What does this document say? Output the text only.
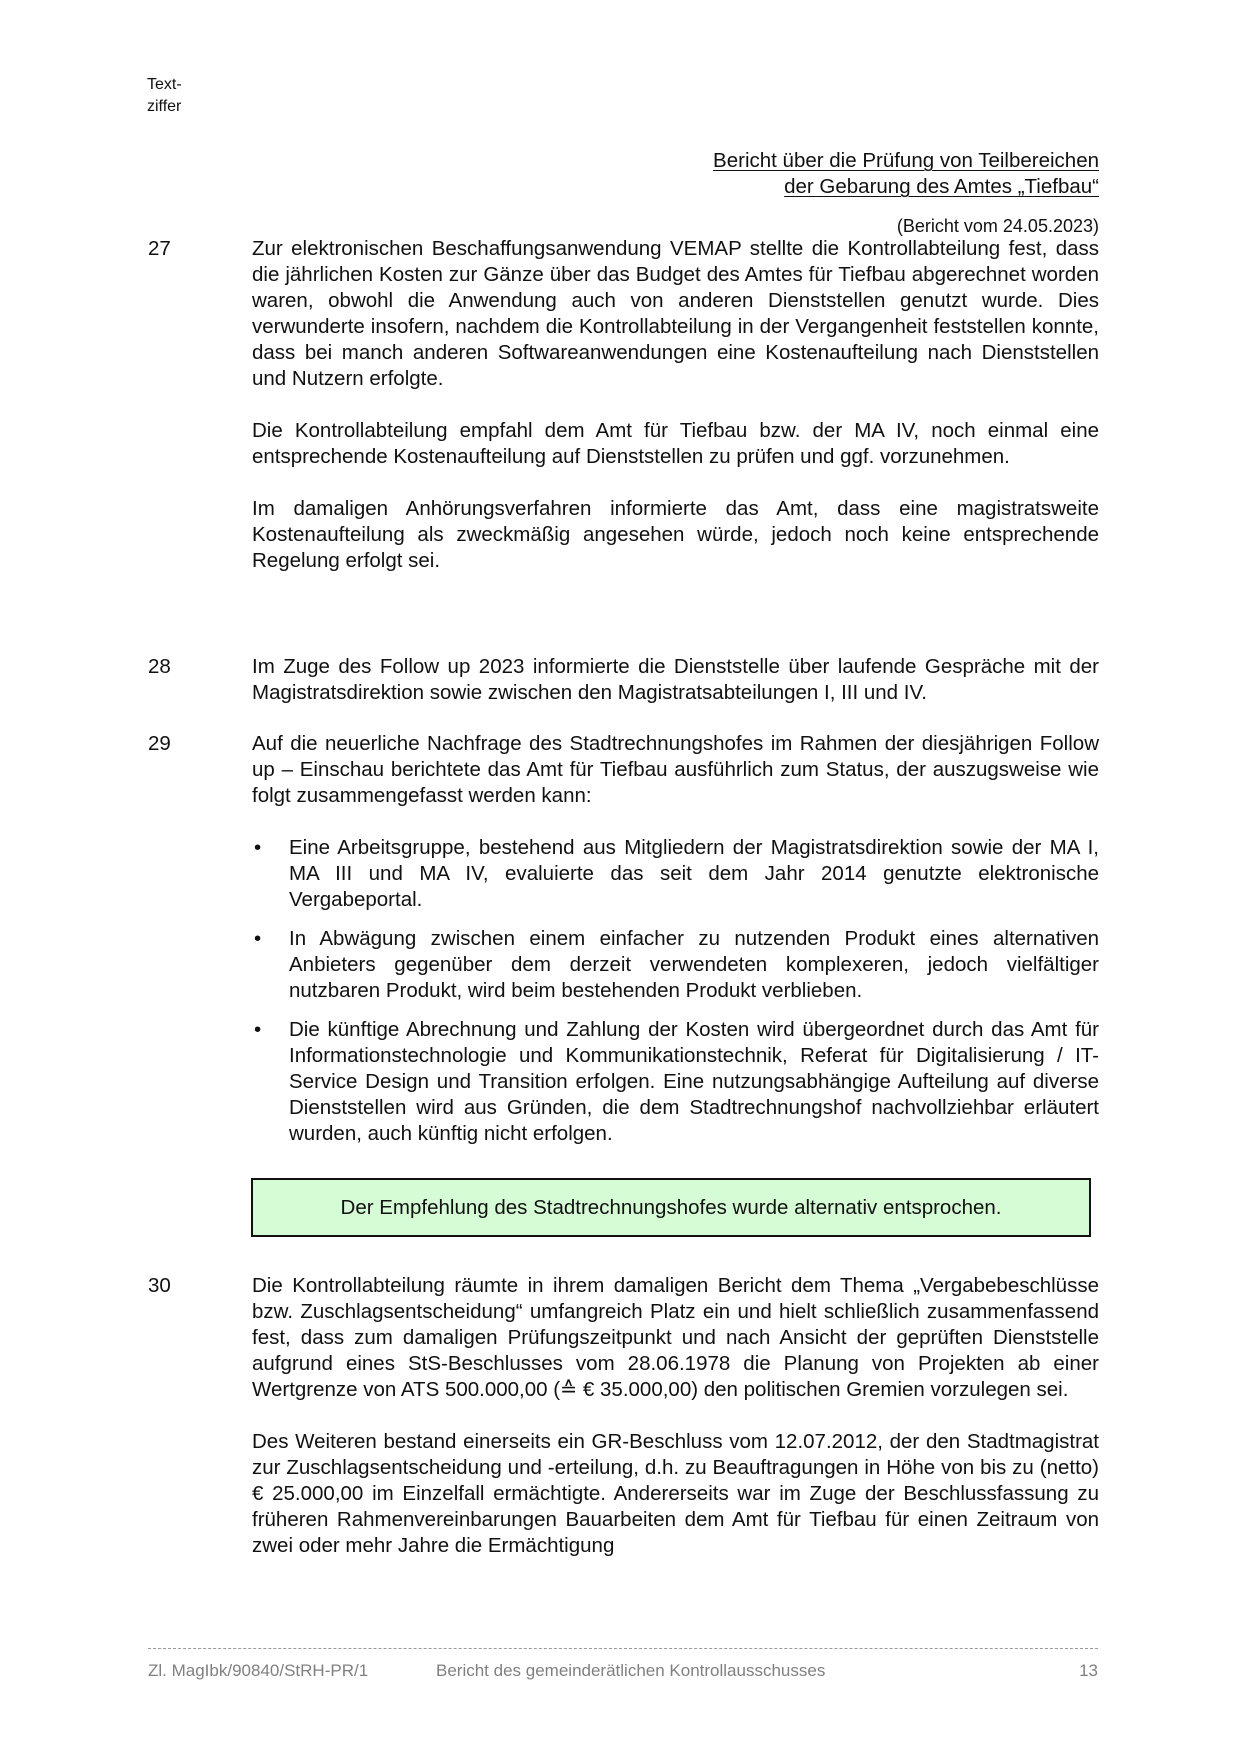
Text-
ziffer
Bericht über die Prüfung von Teilbereichen
der Gebarung des Amtes „Tiefbau“
(Bericht vom 24.05.2023)
27	Zur elektronischen Beschaffungsanwendung VEMAP stellte die Kontrollabteilung fest, dass die jährlichen Kosten zur Gänze über das Budget des Amtes für Tiefbau abgerechnet worden waren, obwohl die Anwendung auch von anderen Dienststellen genutzt wurde. Dies verwunderte insofern, nachdem die Kontrollabteilung in der Vergangenheit feststellen konnte, dass bei manch anderen Softwareanwendungen eine Kostenaufteilung nach Dienststellen und Nutzern erfolgte.

Die Kontrollabteilung empfahl dem Amt für Tiefbau bzw. der MA IV, noch einmal eine entsprechende Kostenaufteilung auf Dienststellen zu prüfen und ggf. vorzunehmen.

Im damaligen Anhörungsverfahren informierte das Amt, dass eine magistratsweite Kostenaufteilung als zweckmäßig angesehen würde, jedoch noch keine entsprechende Regelung erfolgt sei.

28	Im Zuge des Follow up 2023 informierte die Dienststelle über laufende Gespräche mit der Magistratsdirektion sowie zwischen den Magistratsabteilungen I, III und IV.

29	Auf die neuerliche Nachfrage des Stadtrechnungshofes im Rahmen der diesjährigen Follow up – Einschau berichtete das Amt für Tiefbau ausführlich zum Status, der auszugsweise wie folgt zusammengefasst werden kann:

• Eine Arbeitsgruppe, bestehend aus Mitgliedern der Magistratsdirektion sowie der MA I, MA III und MA IV, evaluierte das seit dem Jahr 2014 genutzte elektronische Vergabeportal.
• In Abwägung zwischen einem einfacher zu nutzenden Produkt eines alternativen Anbieters gegenüber dem derzeit verwendeten komplexeren, jedoch vielfältiger nutzbaren Produkt, wird beim bestehenden Produkt verblieben.
• Die künftige Abrechnung und Zahlung der Kosten wird übergeordnet durch das Amt für Informationstechnologie und Kommunikationstechnik, Referat für Digitalisierung / IT-Service Design und Transition erfolgen. Eine nutzungsabhängige Aufteilung auf diverse Dienststellen wird aus Gründen, die dem Stadtrechnungshof nachvollziehbar erläutert wurden, auch künftig nicht erfolgen.
Der Empfehlung des Stadtrechnungshofes wurde alternativ entsprochen.
30	Die Kontrollabteilung räumte in ihrem damaligen Bericht dem Thema „Vergabebeschlüsse bzw. Zuschlagsentscheidung“ umfangreich Platz ein und hielt schließlich zusammenfassend fest, dass zum damaligen Prüfungszeitpunkt und nach Ansicht der geprüften Dienststelle aufgrund eines StS-Beschlusses vom 28.06.1978 die Planung von Projekten ab einer Wertgrenze von ATS 500.000,00 (≙ € 35.000,00) den politischen Gremien vorzulegen sei.

Des Weiteren bestand einerseits ein GR-Beschluss vom 12.07.2012, der den Stadtmagistrat zur Zuschlagsentscheidung und -erteilung, d.h. zu Beauftragungen in Höhe von bis zu (netto) € 25.000,00 im Einzelfall ermächtigte. Andererseits war im Zuge der Beschlussfassung zu früheren Rahmenvereinbarungen Bauarbeiten dem Amt für Tiefbau für einen Zeitraum von zwei oder mehr Jahre die Ermächtigung

Zl. MagIbk/90840/StRH-PR/1	Bericht des gemeinderätlichen Kontrollausschusses	13
